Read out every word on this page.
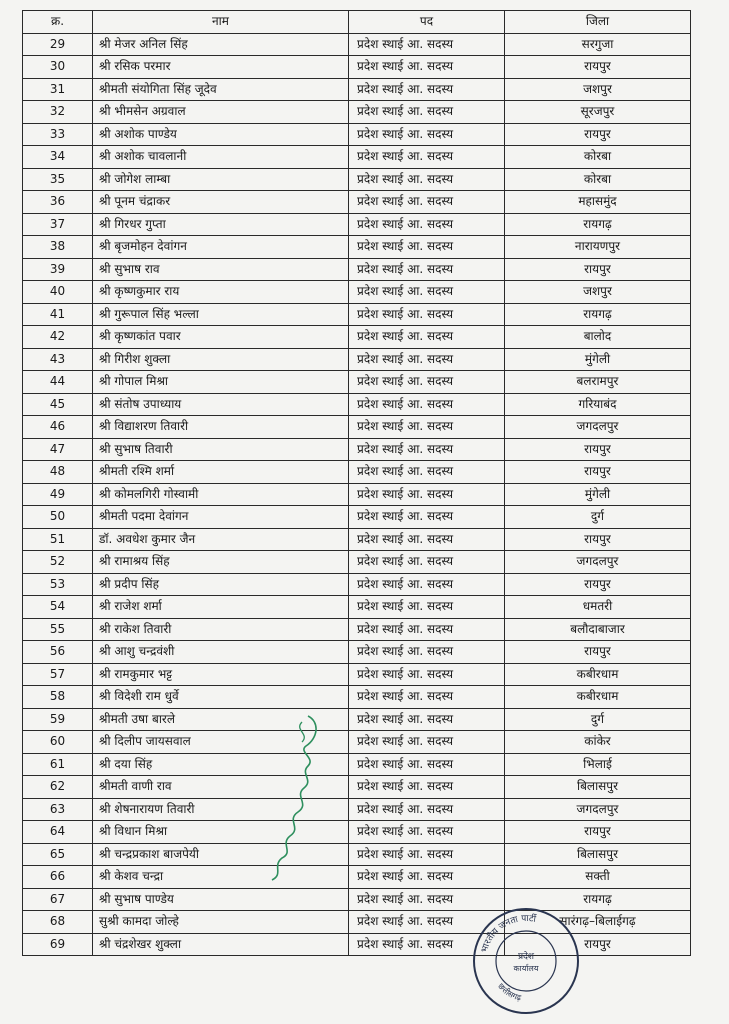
क्र.	नाम	पद	जिला
29	श्री मेजर अनिल सिंह	प्रदेश स्थाई आ. सदस्य	सरगुजा
30	श्री रसिक परमार	प्रदेश स्थाई आ. सदस्य	रायपुर
31	श्रीमती संयोगिता सिंह जूदेव	प्रदेश स्थाई आ. सदस्य	जशपुर
32	श्री भीमसेन अग्रवाल	प्रदेश स्थाई आ. सदस्य	सूरजपुर
33	श्री अशोक पाण्डेय	प्रदेश स्थाई आ. सदस्य	रायपुर
34	श्री अशोक चावलानी	प्रदेश स्थाई आ. सदस्य	कोरबा
35	श्री जोगेश लाम्बा	प्रदेश स्थाई आ. सदस्य	कोरबा
36	श्री पूनम चंद्राकर	प्रदेश स्थाई आ. सदस्य	महासमुंद
37	श्री गिरधर गुप्ता	प्रदेश स्थाई आ. सदस्य	रायगढ़
38	श्री बृजमोहन देवांगन	प्रदेश स्थाई आ. सदस्य	नारायणपुर
39	श्री सुभाष राव	प्रदेश स्थाई आ. सदस्य	रायपुर
40	श्री कृष्णकुमार राय	प्रदेश स्थाई आ. सदस्य	जशपुर
41	श्री गुरूपाल सिंह भल्ला	प्रदेश स्थाई आ. सदस्य	रायगढ़
42	श्री कृष्णकांत पवार	प्रदेश स्थाई आ. सदस्य	बालोद
43	श्री गिरीश शुक्ला	प्रदेश स्थाई आ. सदस्य	मुंगेली
44	श्री गोपाल मिश्रा	प्रदेश स्थाई आ. सदस्य	बलरामपुर
45	श्री संतोष उपाध्याय	प्रदेश स्थाई आ. सदस्य	गरियाबंद
46	श्री विद्याशरण तिवारी	प्रदेश स्थाई आ. सदस्य	जगदलपुर
47	श्री सुभाष तिवारी	प्रदेश स्थाई आ. सदस्य	रायपुर
48	श्रीमती रश्मि शर्मा	प्रदेश स्थाई आ. सदस्य	रायपुर
49	श्री कोमलगिरी गोस्वामी	प्रदेश स्थाई आ. सदस्य	मुंगेली
50	श्रीमती पदमा देवांगन	प्रदेश स्थाई आ. सदस्य	दुर्ग
51	डॉ. अवधेश कुमार जैन	प्रदेश स्थाई आ. सदस्य	रायपुर
52	श्री रामाश्रय सिंह	प्रदेश स्थाई आ. सदस्य	जगदलपुर
53	श्री प्रदीप सिंह	प्रदेश स्थाई आ. सदस्य	रायपुर
54	श्री राजेश शर्मा	प्रदेश स्थाई आ. सदस्य	धमतरी
55	श्री राकेश तिवारी	प्रदेश स्थाई आ. सदस्य	बलौदाबाजार
56	श्री आशु चन्द्रवंशी	प्रदेश स्थाई आ. सदस्य	रायपुर
57	श्री रामकुमार भट्ट	प्रदेश स्थाई आ. सदस्य	कबीरधाम
58	श्री विदेशी राम धुर्वे	प्रदेश स्थाई आ. सदस्य	कबीरधाम
59	श्रीमती उषा बारले	प्रदेश स्थाई आ. सदस्य	दुर्ग
60	श्री दिलीप जायसवाल	प्रदेश स्थाई आ. सदस्य	कांकेर
61	श्री दया सिंह	प्रदेश स्थाई आ. सदस्य	भिलाई
62	श्रीमती वाणी राव	प्रदेश स्थाई आ. सदस्य	बिलासपुर
63	श्री शेषनारायण तिवारी	प्रदेश स्थाई आ. सदस्य	जगदलपुर
64	श्री विधान मिश्रा	प्रदेश स्थाई आ. सदस्य	रायपुर
65	श्री चन्द्रप्रकाश बाजपेयी	प्रदेश स्थाई आ. सदस्य	बिलासपुर
66	श्री केशव चन्द्रा	प्रदेश स्थाई आ. सदस्य	सक्ती
67	श्री सुभाष पाण्डेय	प्रदेश स्थाई आ. सदस्य	रायगढ़
68	सुश्री कामदा जोल्हे	प्रदेश स्थाई आ. सदस्य	सारंगढ़–बिलाईगढ़
69	श्री चंद्रशेखर शुक्ला	प्रदेश स्थाई आ. सदस्य	रायपुर
भारतीय जनता पार्टी
प्रदेश
कार्यालय
छत्तीसगढ़
